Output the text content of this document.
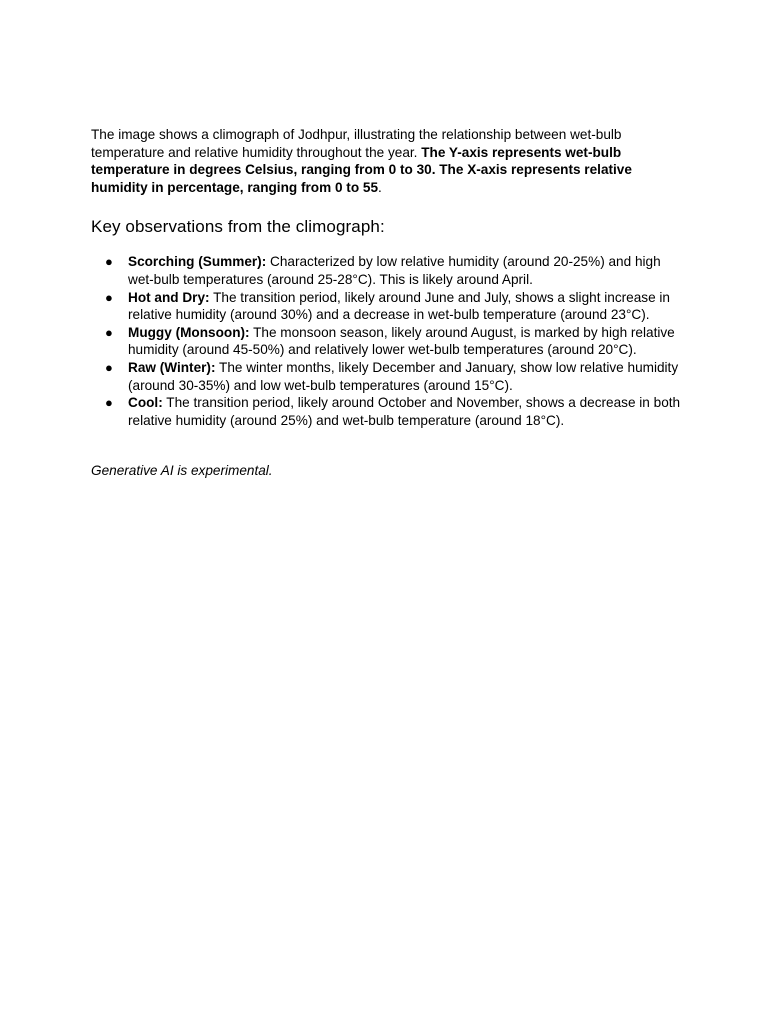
The image shows a climograph of Jodhpur, illustrating the relationship between wet-bulb temperature and relative humidity throughout the year. The Y-axis represents wet-bulb temperature in degrees Celsius, ranging from 0 to 30. The X-axis represents relative humidity in percentage, ranging from 0 to 55.

Key observations from the climograph:
● Scorching (Summer): Characterized by low relative humidity (around 20-25%) and high wet-bulb temperatures (around 25-28°C). This is likely around April.
● Hot and Dry: The transition period, likely around June and July, shows a slight increase in relative humidity (around 30%) and a decrease in wet-bulb temperature (around 23°C).
● Muggy (Monsoon): The monsoon season, likely around August, is marked by high relative humidity (around 45-50%) and relatively lower wet-bulb temperatures (around 20°C).
● Raw (Winter): The winter months, likely December and January, show low relative humidity (around 30-35%) and low wet-bulb temperatures (around 15°C).
● Cool: The transition period, likely around October and November, shows a decrease in both relative humidity (around 25%) and wet-bulb temperature (around 18°C).

Generative AI is experimental.
